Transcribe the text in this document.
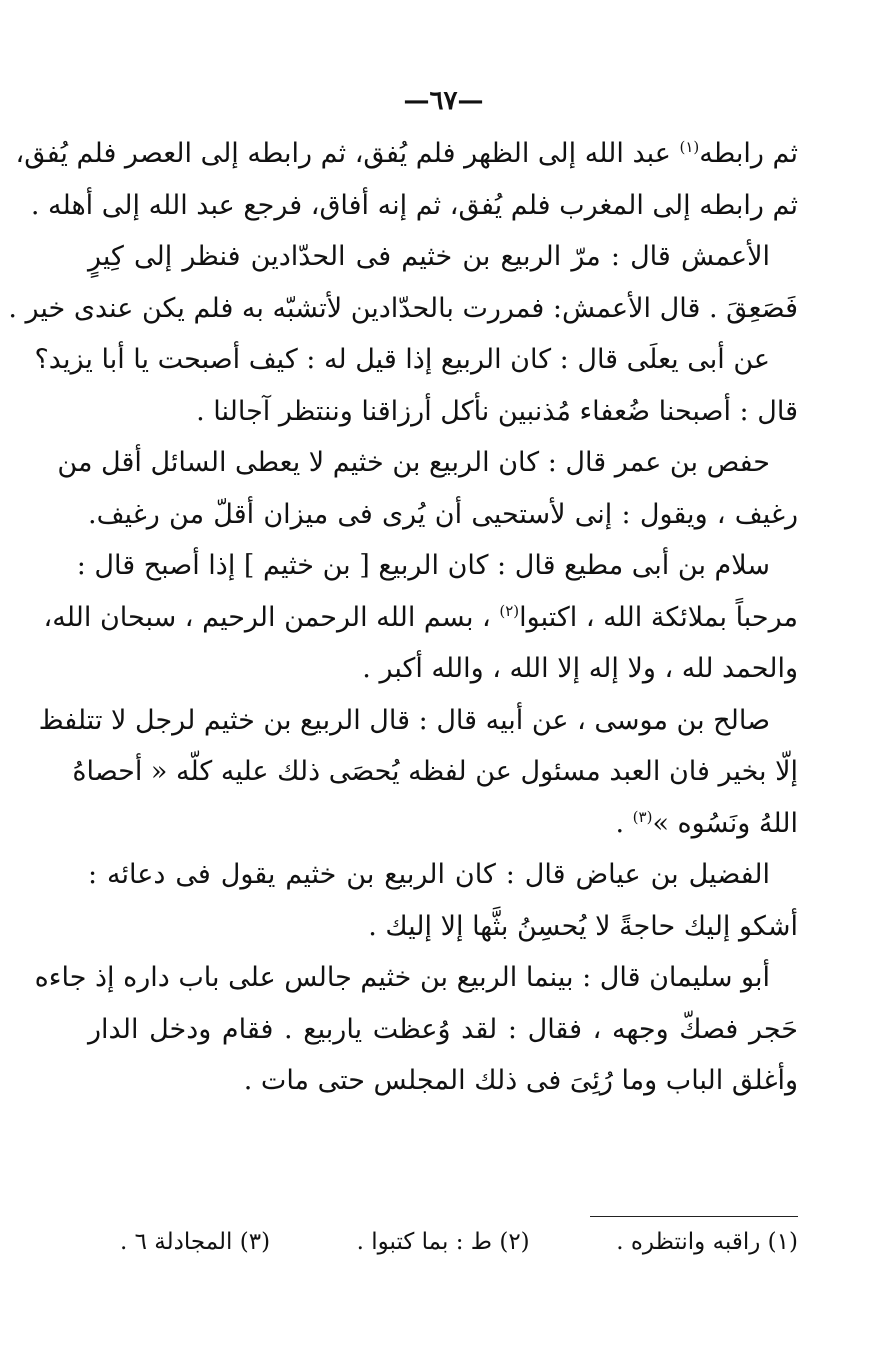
—٦٧—
ثم رابطه$^{(١)}$ عبد الله إلى الظهر فلم يُفق، ثم رابطه إلى العصر فلم يُفق،
ثم رابطه إلى المغرب فلم يُفق، ثم إنه أفاق، فرجع عبد الله إلى أهله .
الأعمش قال : مرّ الربيع بن خثيم فى الحدّادين فنظر إلى كِيرٍ
فَصَعِقَ . قال الأعمش: فمررت بالحدّادين لأتشبّه به فلم يكن عندى خير .
عن أبى يعلَى قال : كان الربيع إذا قيل له : كيف أصبحت يا أبا يزيد؟
قال : أصبحنا ضُعفاء مُذنبين نأكل أرزاقنا وننتظر آجالنا .
حفص بن عمر قال : كان الربيع بن خثيم لا يعطى السائل أقل من
رغيف ، ويقول : إنى لأستحيى أن يُرى فى ميزان أقلّ من رغيف.
سلام بن أبى مطيع قال : كان الربيع [ بن خثيم ] إذا أصبح قال :
مرحباً بملائكة الله ، اكتبوا$^{(٢)}$ ، بسم الله الرحمن الرحيم ، سبحان الله،
والحمد لله ، ولا إله إلا الله ، والله أكبر .
صالح بن موسى ، عن أبيه قال : قال الربيع بن خثيم لرجل لا تتلفظ
إلّا بخير فان العبد مسئول عن لفظه يُحصَى ذلك عليه كلّه « أحصاهُ
اللهُ ونَسُوه »$^{(٣)}$ .
الفضيل بن عياض قال : كان الربيع بن خثيم يقول فى دعائه :
أشكو إليك حاجةً لا يُحسِنُ بثَّها إلا إليك .
أبو سليمان قال : بينما الربيع بن خثيم جالس على باب داره إذ جاءه
حَجر فصكّ وجهه ، فقال : لقد وُعظت ياربيع . فقام ودخل الدار
وأغلق الباب وما رُئِىَ فى ذلك المجلس حتى مات .
(١) راقبه وانتظره .
(٢) ط : بما كتبوا .
(٣) المجادلة ٦ .
